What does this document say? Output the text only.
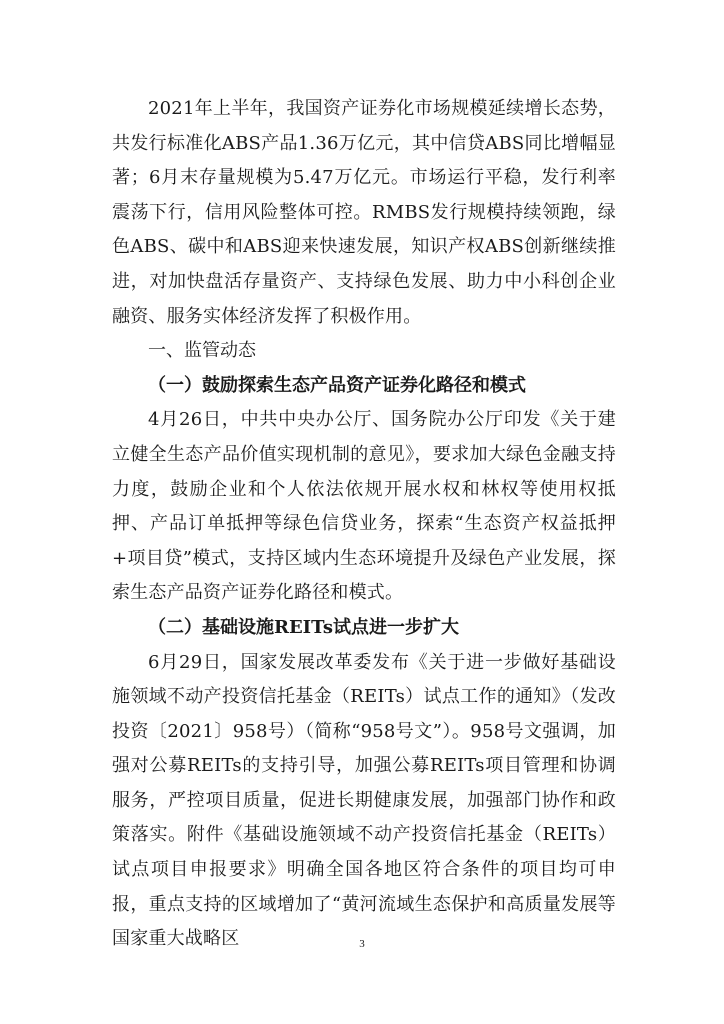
2021年上半年，我国资产证券化市场规模延续增长态势，共发行标准化ABS产品1.36万亿元，其中信贷ABS同比增幅显著；6月末存量规模为5.47万亿元。市场运行平稳，发行利率震荡下行，信用风险整体可控。RMBS发行规模持续领跑，绿色ABS、碳中和ABS迎来快速发展，知识产权ABS创新继续推进，对加快盘活存量资产、支持绿色发展、助力中小科创企业融资、服务实体经济发挥了积极作用。

一、监管动态
（一）鼓励探索生态产品资产证券化路径和模式

4月26日，中共中央办公厅、国务院办公厅印发《关于建立健全生态产品价值实现机制的意见》，要求加大绿色金融支持力度，鼓励企业和个人依法依规开展水权和林权等使用权抵押、产品订单抵押等绿色信贷业务，探索“生态资产权益抵押+项目贷”模式，支持区域内生态环境提升及绿色产业发展，探索生态产品资产证券化路径和模式。

（二）基础设施REITs试点进一步扩大

6月29日，国家发展改革委发布《关于进一步做好基础设施领域不动产投资信托基金（REITs）试点工作的通知》（发改投资〔2021〕958号）（简称“958号文”）。958号文强调，加强对公募REITs的支持引导，加强公募REITs项目管理和协调服务，严控项目质量，促进长期健康发展，加强部门协作和政策落实。附件《基础设施领域不动产投资信托基金（REITs）试点项目申报要求》明确全国各地区符合条件的项目均可申报，重点支持的区域增加了“黄河流域生态保护和高质量发展等国家重大战略区	3
